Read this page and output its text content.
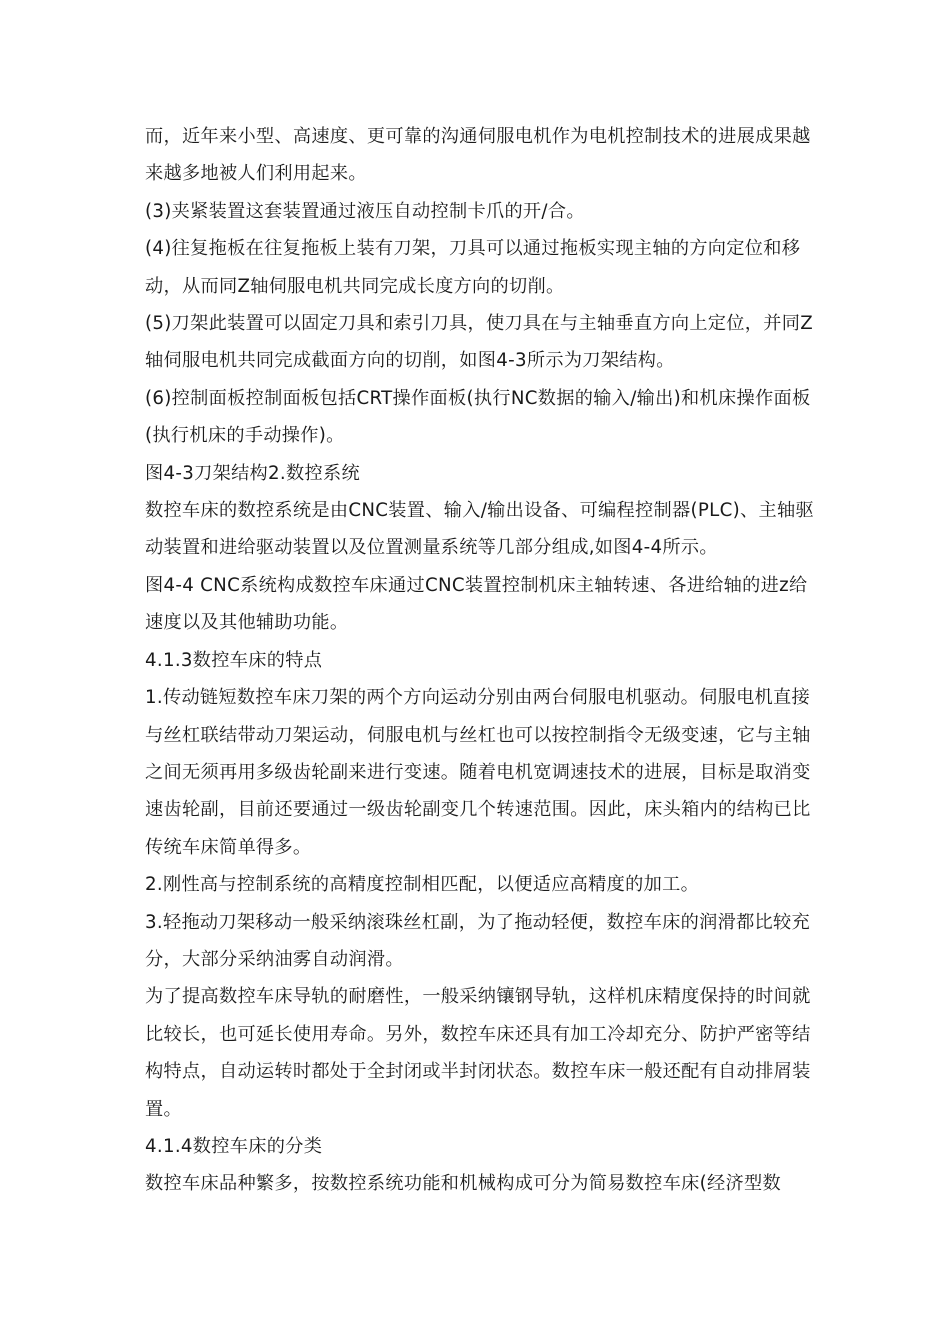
而，近年来小型、高速度、更可靠的沟通伺服电机作为电机控制技术的进展成果越来越多地被人们利用起来。

(3)夹紧装置这套装置通过液压自动控制卡爪的开/合。

(4)往复拖板在往复拖板上装有刀架，刀具可以通过拖板实现主轴的方向定位和移动，从而同Z轴伺服电机共同完成长度方向的切削。

(5)刀架此装置可以固定刀具和索引刀具，使刀具在与主轴垂直方向上定位，并同Z轴伺服电机共同完成截面方向的切削，如图4-3所示为刀架结构。

(6)控制面板控制面板包括CRT操作面板(执行NC数据的输入/输出)和机床操作面板(执行机床的手动操作)。

图4-3刀架结构2.数控系统

数控车床的数控系统是由CNC装置、输入/输出设备、可编程控制器(PLC)、主轴驱动装置和进给驱动装置以及位置测量系统等几部分组成,如图4-4所示。

图4-4 CNC系统构成数控车床通过CNC装置控制机床主轴转速、各进给轴的进z给速度以及其他辅助功能。

4.1.3数控车床的特点

1.传动链短数控车床刀架的两个方向运动分别由两台伺服电机驱动。伺服电机直接与丝杠联结带动刀架运动，伺服电机与丝杠也可以按控制指令无级变速，它与主轴之间无须再用多级齿轮副来进行变速。随着电机宽调速技术的进展，目标是取消变速齿轮副，目前还要通过一级齿轮副变几个转速范围。因此，床头箱内的结构已比传统车床简单得多。

2.刚性高与控制系统的高精度控制相匹配，以便适应高精度的加工。

3.轻拖动刀架移动一般采纳滚珠丝杠副，为了拖动轻便，数控车床的润滑都比较充分，大部分采纳油雾自动润滑。

为了提高数控车床导轨的耐磨性，一般采纳镶钢导轨，这样机床精度保持的时间就比较长，也可延长使用寿命。另外，数控车床还具有加工冷却充分、防护严密等结构特点，自动运转时都处于全封闭或半封闭状态。数控车床一般还配有自动排屑装置。

4.1.4数控车床的分类

数控车床品种繁多，按数控系统功能和机械构成可分为简易数控车床(经济型数
